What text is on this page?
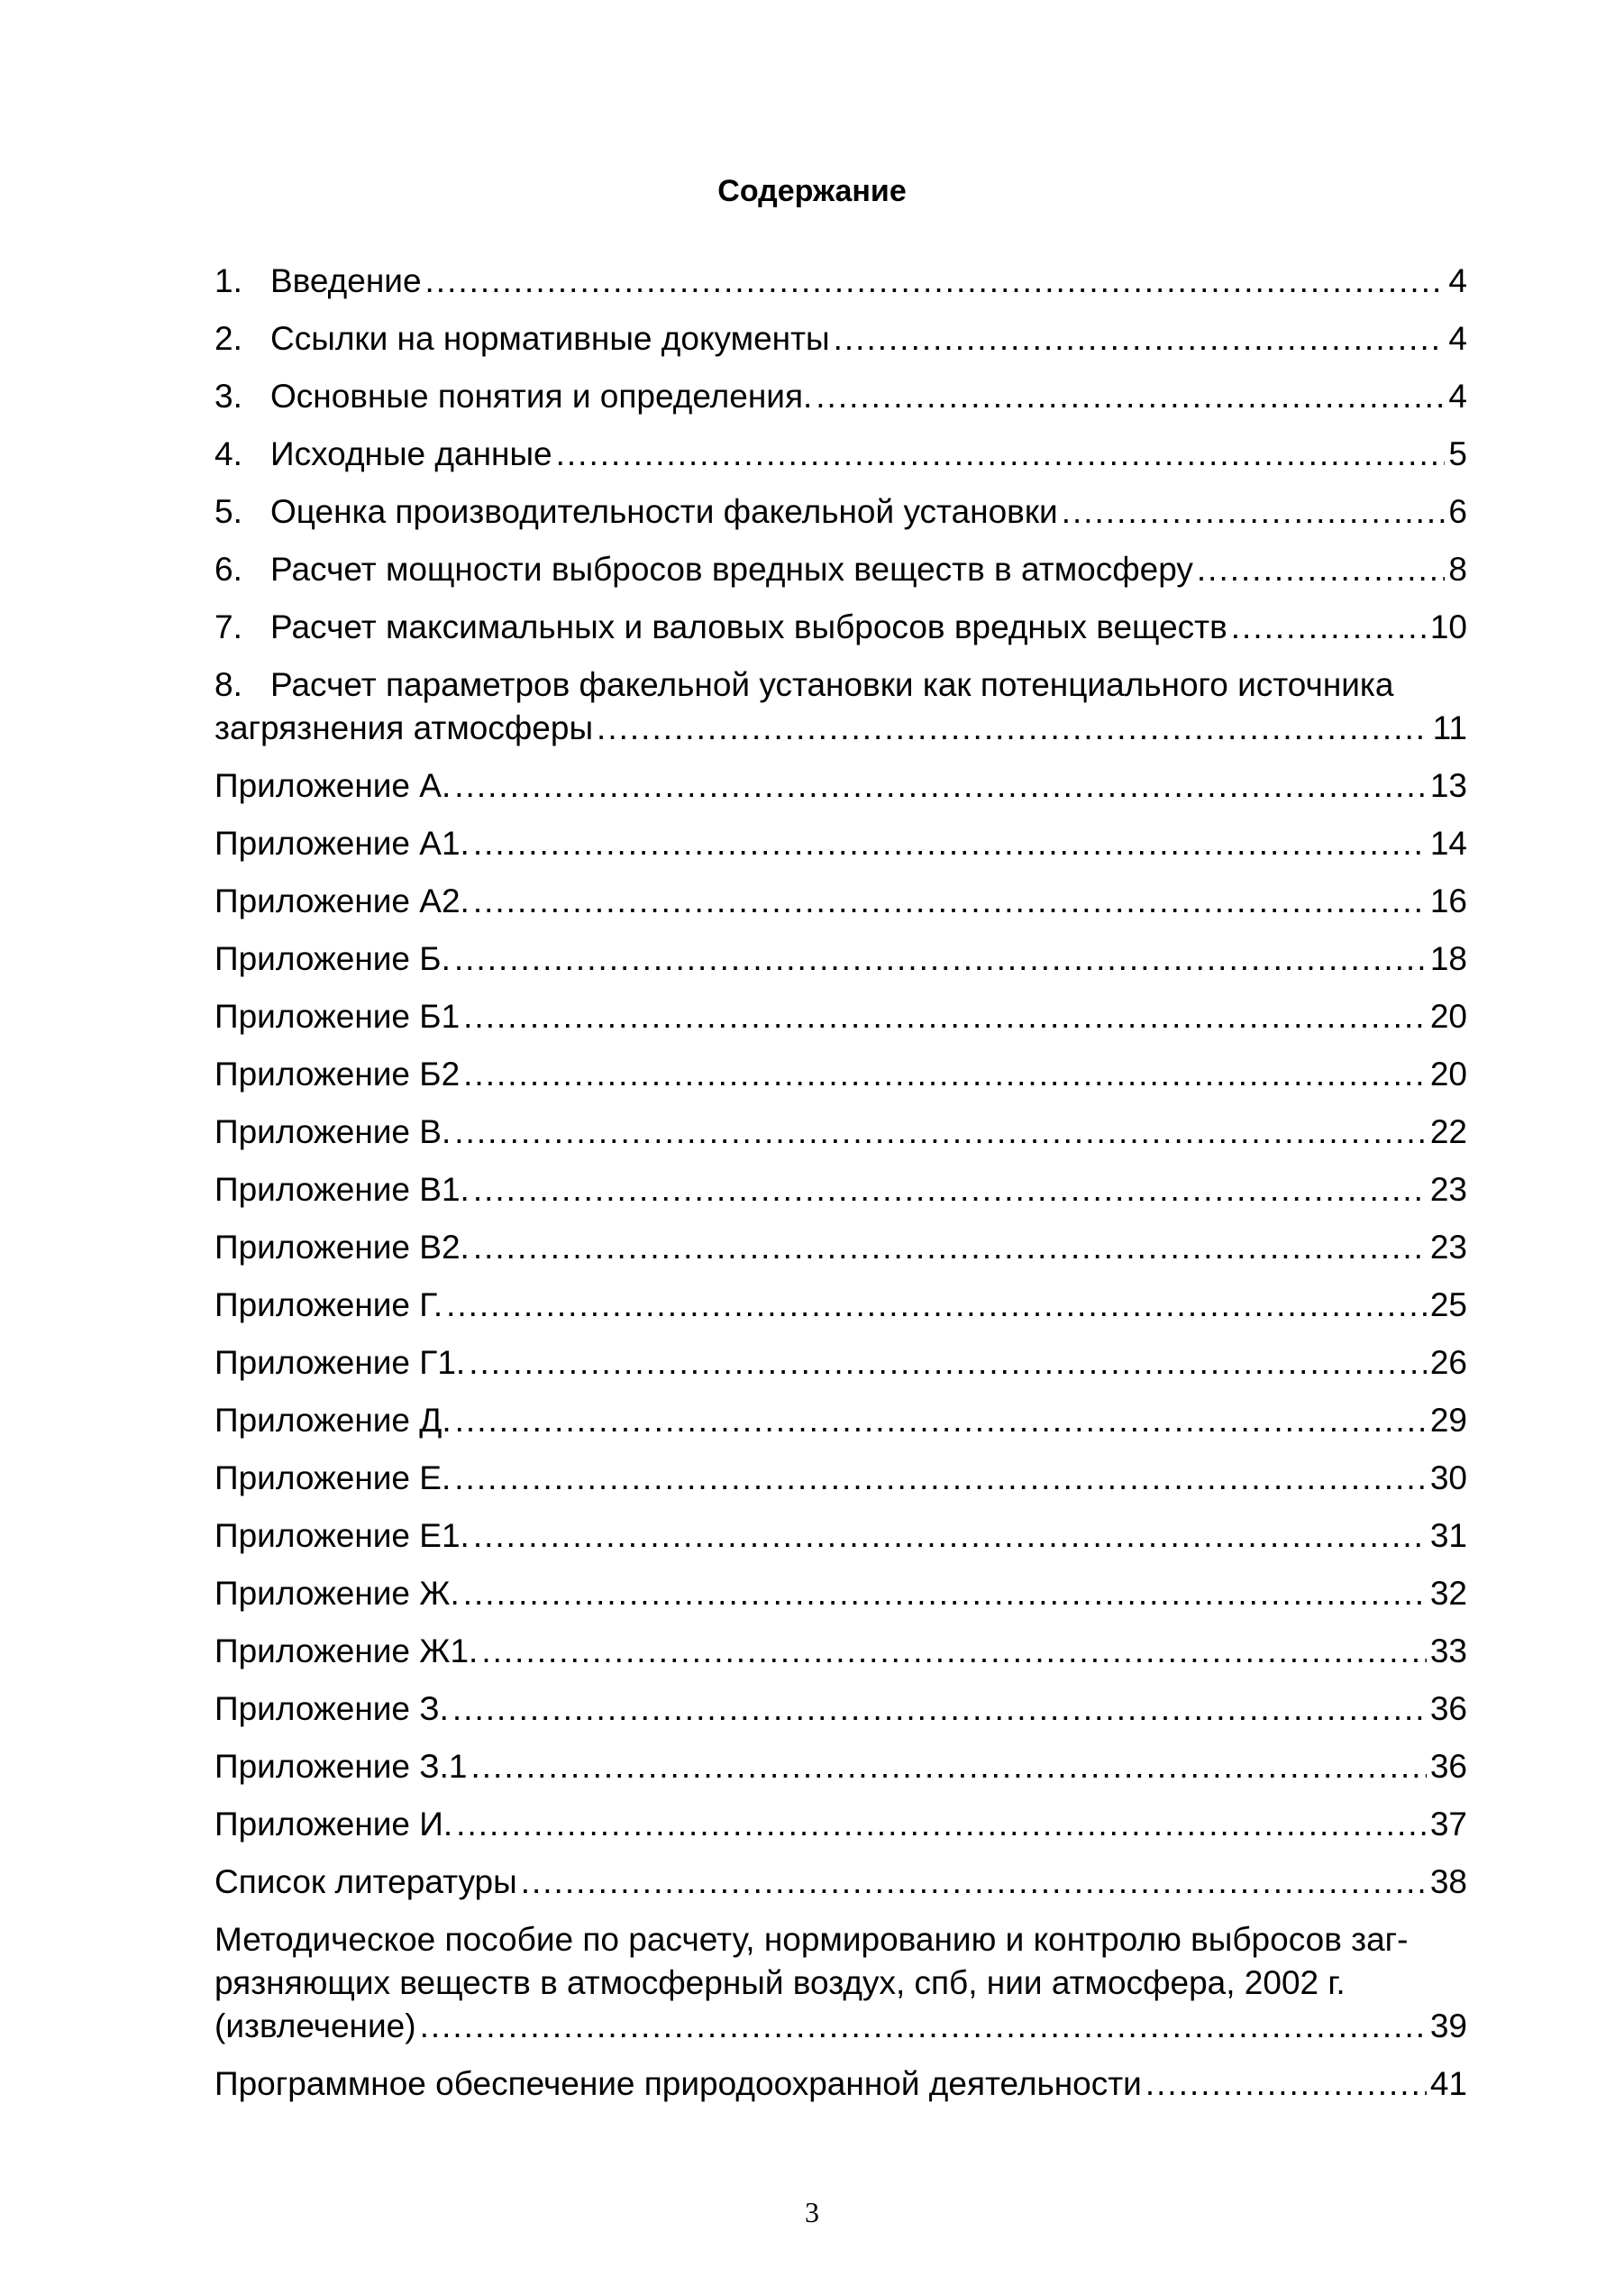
Содержание
1. Введение .....	4
2. Ссылки на нормативные документы .....	4
3. Основные понятия и определения. .....	4
4. Исходные данные .....	5
5. Оценка производительности факельной установки .....	6
6. Расчет мощности выбросов вредных веществ в атмосферу .....	8
7. Расчет максимальных и валовых выбросов вредных веществ .....	10
8. Расчет параметров факельной установки как потенциального источника
загрязнения атмосферы .....	11
Приложение А. .....	13
Приложение А1. .....	14
Приложение А2. .....	16
Приложение Б. .....	18
Приложение Б1 .....	20
Приложение Б2 .....	20
Приложение В. .....	22
Приложение В1. .....	23
Приложение В2. .....	23
Приложение Г. .....	25
Приложение Г1. .....	26
Приложение Д. .....	29
Приложение Е. .....	30
Приложение Е1. .....	31
Приложение Ж. .....	32
Приложение Ж1. .....	33
Приложение З. .....	36
Приложение З.1 .....	36
Приложение И. .....	37
Список литературы .....	38
Методическое пособие по расчету, нормированию и контролю выбросов заг-
рязняющих веществ в атмосферный воздух, спб, нии атмосфера, 2002 г.
(извлечение) .....	39
Программное обеспечение природоохранной деятельности .....	41
3
